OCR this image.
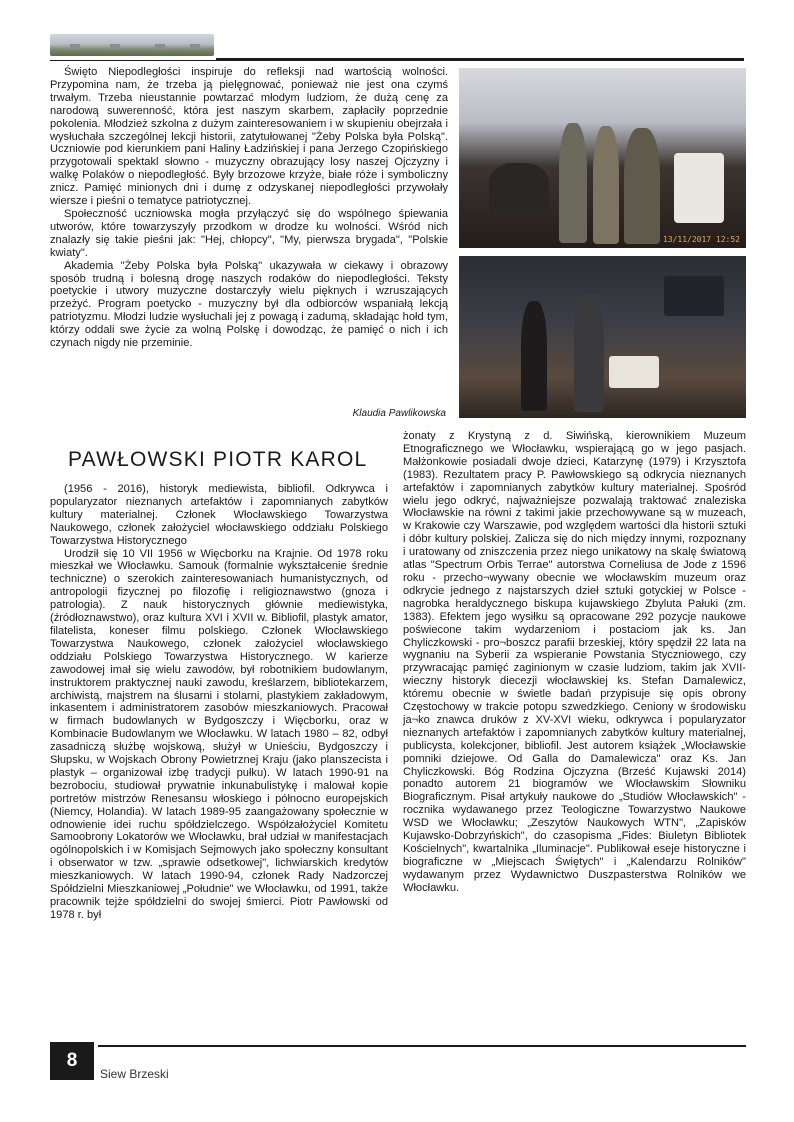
Święto Niepodległości inspiruje do refleksji nad wartością wolności. Przypomina nam, że trzeba ją pielęgnować, ponieważ nie jest ona czymś trwałym. Trzeba nieustannie powtarzać młodym ludziom, że dużą cenę za narodową suwerenność, która jest naszym skarbem, zapłaciły poprzednie pokolenia. Młodzież szkolna z dużym zainteresowaniem i w skupieniu obejrzała i wysłuchała szczególnej lekcji historii, zatytułowanej "Żeby Polska była Polską". Uczniowie pod kierunkiem pani Haliny Ładzińskiej i pana Jerzego Czopińskiego przygotowali spektakl słowno - muzyczny obrazujący losy naszej Ojczyzny i walkę Polaków o niepodległość. Były brzozowe krzyże, białe róże i symboliczny znicz. Pamięć minionych dni i dumę z odzyskanej niepodległości przywołały wiersze i pieśni o tematyce patriotycznej.

Społeczność uczniowska mogła przyłączyć się do wspólnego śpiewania utworów, które towarzyszyły przodkom w drodze ku wolności. Wśród nich znalazły się takie pieśni jak: "Hej, chłopcy", "My, pierwsza brygada", "Polskie kwiaty".

Akademia "Żeby Polska była Polską" ukazywała w ciekawy i obrazowy sposób trudną i bolesną drogę naszych rodaków do niepodległości. Teksty poetyckie i utwory muzyczne dostarczyły wielu pięknych i wzruszających przeżyć. Program poetycko - muzyczny był dla odbiorców wspaniałą lekcją patriotyzmu. Młodzi ludzie wysłuchali jej z powagą i zadumą, składając hołd tym, którzy oddali swe życie za wolną Polskę i dowodząc, że pamięć o nich i ich czynach nigdy nie przeminie.

Klaudia Pawlikowska
13/11/2017 12:52
PAWŁOWSKI PIOTR KAROL

(1956 - 2016), historyk mediewista, bibliofil. Odkrywca i popularyzator nieznanych artefaktów i zapomnianych zabytków kultury materialnej. Członek Włocławskiego Towarzystwa Naukowego, członek założyciel włocławskiego oddziału Polskiego Towarzystwa Historycznego

Urodził się 10 VII 1956 w Więcborku na Krajnie. Od 1978 roku mieszkał we Włocławku. Samouk (formalnie wykształcenie średnie techniczne) o szerokich zainteresowaniach humanistycznych, od antropologii fizycznej po filozofię i religioznawstwo (gnoza i patrologia). Z nauk historycznych głównie mediewistyka, (źródłoznawstwo), oraz kultura XVI i XVII w. Bibliofil, plastyk amator, filatelista, koneser filmu polskiego. Członek Włocławskiego Towarzystwa Naukowego, członek założyciel włocławskiego oddziału Polskiego Towarzystwa Historycznego. W karierze zawodowej imał się wielu zawodów, był robotnikiem budowlanym, instruktorem praktycznej nauki zawodu, kreślarzem, bibliotekarzem, archiwistą, majstrem na ślusarni i stolarni, plastykiem zakładowym, inkasentem i administratorem zasobów mieszkaniowych. Pracował w firmach budowlanych w Bydgoszczy i Więcborku, oraz w Kombinacie Budowlanym we Włocławku. W latach 1980 – 82, odbył zasadniczą służbę wojskową, służył w Unieściu, Bydgoszczy i Słupsku, w Wojskach Obrony Powietrznej Kraju (jako planszecista i plastyk – organizował izbę tradycji pułku). W latach 1990-91 na bezrobociu, studiował prywatnie inkunabulistykę i malował kopie portretów mistrzów Renesansu włoskiego i północno europejskich (Niemcy, Holandia). W latach 1989-95 zaangażowany społecznie w odnowienie idei ruchu spółdzielczego. Współzałożyciel Komitetu Samoobrony Lokatorów we Włocławku, brał udział w manifestacjach ogólnopolskich i w Komisjach Sejmowych jako społeczny konsultant i obserwator w tzw. „sprawie odsetkowej", lichwiarskich kredytów mieszkaniowych. W latach 1990-94, członek Rady Nadzorczej Spółdzielni Mieszkaniowej „Południe" we Włocławku, od 1991, także pracownik tejże spółdzielni do swojej śmierci. Piotr Pawłowski od 1978 r. był

żonaty z Krystyną z d. Siwińską, kierownikiem Muzeum Etnograficznego we Włocławku, wspierającą go w jego pasjach. Małżonkowie posiadali dwoje dzieci, Katarzynę (1979) i Krzysztofa (1983). Rezultatem pracy P. Pawłowskiego są odkrycia nieznanych artefaktów i zapomnianych zabytków kultury materialnej. Spośród wielu jego odkryć, najważniejsze pozwalają traktować znaleziska Włocławskie na równi z takimi jakie przechowywane są w muzeach, w Krakowie czy Warszawie, pod względem wartości dla historii sztuki i dóbr kultury polskiej. Zalicza się do nich między innymi, rozpoznany i uratowany od zniszczenia przez niego unikatowy na skalę światową atlas "Spectrum Orbis Terrae" autorstwa Corneliusa de Jode z 1596 roku - przecho¬wywany obecnie we włocławskim muzeum oraz odkrycie jednego z najstarszych dzieł sztuki gotyckiej w Polsce - nagrobka heraldycznego biskupa kujawskiego Zbyluta Pałuki (zm. 1383). Efektem jego wysiłku są opracowane 292 pozycje naukowe poświecone takim wydarzeniom i postaciom jak ks. Jan Chyliczkowski - pro¬boszcz parafii brzeskiej, który spędził 22 lata na wygnaniu na Syberii za wspieranie Powstania Styczniowego, czy przywracając pamięć zaginionym w czasie ludziom, takim jak XVII-wieczny historyk diecezji włocławskiej ks. Stefan Damalewicz, któremu obecnie w świetle badań przypisuje się opis obrony Częstochowy w trakcie potopu szwedzkiego. Ceniony w środowisku ja¬ko znawca druków z XV-XVI wieku, odkrywca i popularyzator nieznanych artefaktów i zapomnianych zabytków kultury materialnej, publicysta, kolekcjoner, bibliofil. Jest autorem książek „Włocławskie pomniki dziejowe. Od Galla do Damalewicza" oraz Ks. Jan Chyliczkowski. Bóg Rodzina Ojczyzna (Brześć Kujawski 2014) ponadto autorem 21 biogramów we Włocławskim Słowniku Biograficznym. Pisał artykuły naukowe do „Studiów Włocławskich" - rocznika wydawanego przez Teologiczne Towarzystwo Naukowe WSD we Włocławku; „Zeszytów Naukowych WTN", „Zapisków Kujawsko-Dobrzyńskich", do czasopisma „Fides: Biuletyn Bibliotek Kościelnych", kwartalnika „Iluminacje". Publikował eseje historyczne i biograficzne w „Miejscach Świętych" i „Kalendarzu Rolników" wydawanym przez Wydawnictwo Duszpasterstwa Rolników we Włocławku.

8
Siew Brzeski
